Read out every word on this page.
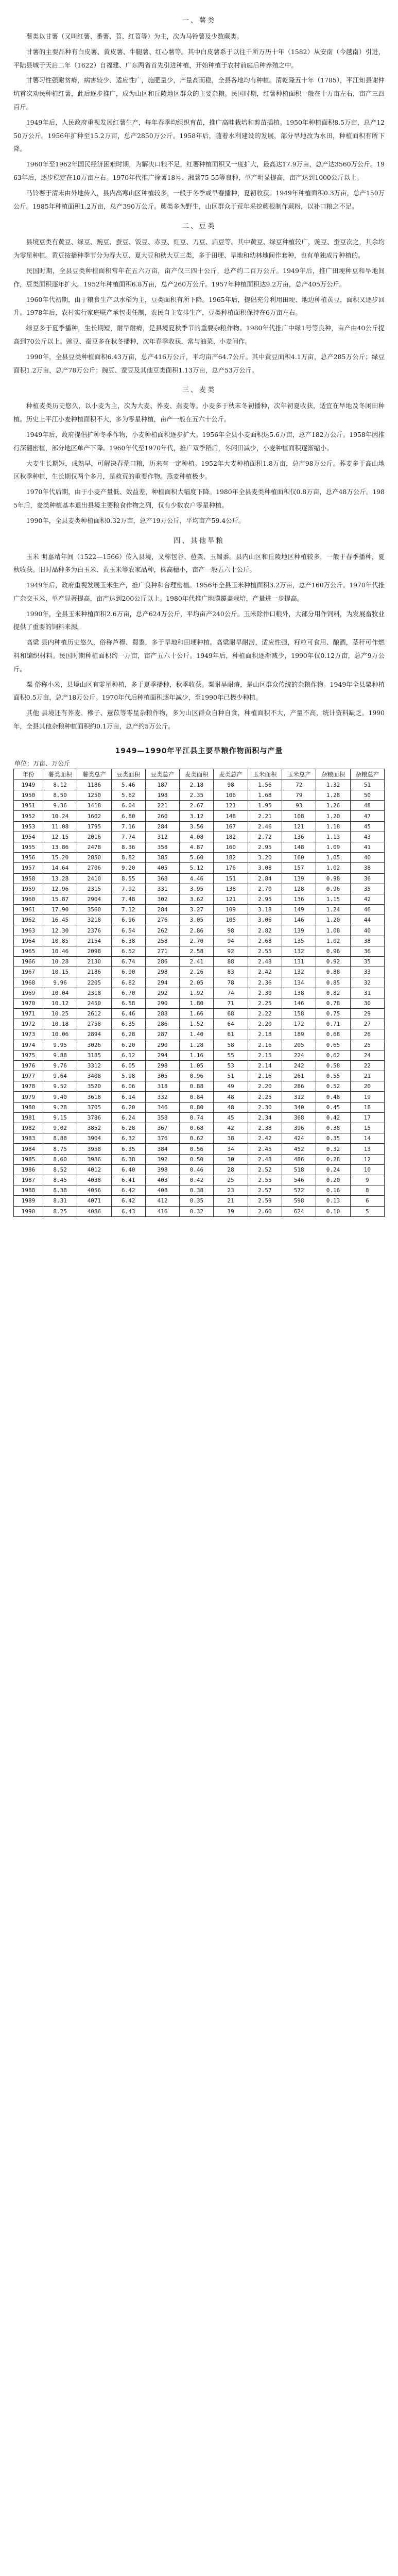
一、薯类

薯类以甘薯（又叫红薯、番薯、苕、红苕等）为主，次为马铃薯及少数蕨类。

甘薯的主要品种有白皮薯、黄皮薯、牛腿薯、红心薯等。其中白皮薯系于以往千所万历十年（1582）从安南（今越南）引进，平陆县城于天启二年（1622）自福建、广东两省首先引进种植，开始种植于农村前庭后种养殖之中。

甘薯习性强耐贫瘠，病害较少、适应性广，施肥量少，产量高而稳，全县各地均有种植。清乾隆五十年（1785），平江知县谢仲坑首次劝民种植红薯，此后逐步推广，成为山区和丘陵地区群众的主要杂粮。民国时期，红薯种植面积一般在十万亩左右，亩产三四百斤。

1949年后，人民政府重视发展红薯生产，每年春季均组织育苗，推广高畦栽培和剪苗插植。1950年种植面积8.5万亩，总产1250万公斤。1956年扩种至15.2万亩，总产2850万公斤。1958年后，随着水利建设的发展，部分旱地改为水田，种植面积有所下降。

1960年至1962年国民经济困难时期，为解决口粮不足，红薯种植面积又一度扩大，最高达17.9万亩，总产达3560万公斤。1963年后，逐步稳定在10万亩左右。1970年代推广徐薯18号、湘薯75-55等良种，单产明显提高，亩产达到1000公斤以上。

马铃薯于清末由外地传入，县内高寒山区种植较多，一般于冬季或早春播种，夏初收获。1949年种植面积0.3万亩，总产150万公斤。1985年种植面积1.2万亩，总产390万公斤。蕨类多为野生，山区群众于荒年采挖蕨根制作蕨粉，以补口粮之不足。

二、豆类

县境豆类有黄豆、绿豆、豌豆、蚕豆、饭豆、赤豆、豇豆、刀豆、扁豆等。其中黄豆、绿豆种植较广，豌豆、蚕豆次之，其余均为零星种植。黄豆按播种季节分为春大豆、夏大豆和秋大豆三类，多于田埂、旱地和幼林地间作套种，也有单独成片种植的。

民国时期，全县豆类种植面积常年在五六万亩，亩产仅三四十公斤，总产约二百万公斤。1949年后，推广田埂种豆和旱地间作，豆类面积逐年扩大。1952年种植面积6.8万亩，总产260万公斤。1957年种植面积达9.2万亩，总产405万公斤。

1960年代初期，由于粮食生产以水稻为主，豆类面积有所下降。1965年后，提倡充分利用田埂、地边种植黄豆，面积又逐步回升。1978年后，农村实行家庭联产承包责任制，农民自主安排生产，豆类种植面积保持在6万亩左右。

绿豆多于夏季播种，生长期短，耐旱耐瘠，是县境夏秋季节的重要杂粮作物。1980年代推广中绿1号等良种，亩产由40公斤提高到70公斤以上。豌豆、蚕豆多在秋冬播种，次年春季收获，常与油菜、小麦间作。

1990年，全县豆类种植面积6.43万亩，总产416万公斤，平均亩产64.7公斤。其中黄豆面积4.1万亩，总产285万公斤；绿豆面积1.2万亩，总产78万公斤；豌豆、蚕豆及其他豆类面积1.13万亩，总产53万公斤。

三、麦类

种植麦类历史悠久，以小麦为主，次为大麦、荞麦、燕麦等。小麦多于秋末冬初播种，次年初夏收获，适宜在旱地及冬闲田种植。历史上平江小麦种植面积不大，多为零星种植，亩产一般在五六十公斤。

1949年后，政府提倡扩种冬季作物，小麦种植面积逐步扩大。1956年全县小麦面积达5.6万亩，总产182万公斤。1958年因推行深翻密植，部分地区单产下降。1960年代至1970年代，推广双季稻后，冬闲田减少，小麦种植面积逐渐缩小。

大麦生长期短，成熟早，可解决春荒口粮，历来有一定种植。1952年大麦种植面积1.8万亩，总产98万公斤。荞麦多于高山地区秋季种植，生长期仅两个多月，是救荒的重要作物。燕麦种植极少。

1970年代后期，由于小麦产量低、效益差，种植面积大幅度下降。1980年全县麦类种植面积仅0.8万亩，总产48万公斤。1985年后，麦类种植基本退出县境主要粮食作物之列，仅有少数农户零星种植。

1990年，全县麦类种植面积0.32万亩，总产19万公斤，平均亩产59.4公斤。

四、其他旱粮

玉米 明嘉靖年间（1522—1566）传入县境，又称包谷、苞粟、玉蜀黍。县内山区和丘陵地区种植较多，一般于春季播种，夏秋收获。旧时品种多为白玉米、黄玉米等农家品种，株高穗小，亩产一般五六十公斤。

1949年后，政府重视发展玉米生产，推广良种和合理密植。1956年全县玉米种植面积3.2万亩，总产160万公斤。1970年代推广杂交玉米，单产显著提高，亩产达到200公斤以上。1980年代推广地膜覆盖栽培，产量进一步提高。

1990年，全县玉米种植面积2.6万亩，总产624万公斤，平均亩产240公斤。玉米除作口粮外，大部分用作饲料，为发展畜牧业提供了重要的饲料来源。

高粱 县内种植历史悠久，俗称芦穄、蜀黍，多于旱地和田埂种植。高粱耐旱耐涝，适应性强，籽粒可食用、酿酒，茎秆可作燃料和编织材料。民国时期种植面积约一万亩，亩产五六十公斤。1949年后，种植面积逐渐减少，1990年仅0.12万亩，总产9万公斤。

粟 俗称小米，县境山区有零星种植，多于夏季播种，秋季收获。粟耐旱耐瘠，是山区群众传统的杂粮作物。1949年全县粟种植面积0.5万亩，总产18万公斤。1970年代后种植面积逐年减少，至1990年已极少种植。

其他 县境还有荞麦、穇子、薏苡等零星杂粮作物，多为山区群众自种自食，种植面积不大，产量不高，统计资料缺乏。1990年，全县其他杂粮种植面积约0.1万亩，总产约5万公斤。

1949—1990年平江县主要旱粮作物面积与产量
单位：万亩、万公斤
年份	薯类面积	薯类总产	豆类面积	豆类总产	麦类面积	麦类总产	玉米面积	玉米总产	杂粮面积	杂粮总产
1949	8.12	1186	5.46	187	2.18	98	1.56	72	1.32	51
1950	8.50	1250	5.62	198	2.35	106	1.68	79	1.28	50
1951	9.36	1418	6.04	221	2.67	121	1.95	93	1.26	48
1952	10.24	1602	6.80	260	3.12	148	2.21	108	1.20	47
1953	11.08	1795	7.16	284	3.56	167	2.46	121	1.18	45
1954	12.15	2016	7.74	312	4.08	182	2.72	136	1.13	43
1955	13.86	2478	8.36	358	4.87	160	2.95	148	1.09	41
1956	15.20	2850	8.82	385	5.60	182	3.20	160	1.05	40
1957	14.64	2706	9.20	405	5.12	176	3.08	157	1.02	38
1958	13.28	2410	8.55	368	4.46	151	2.84	139	0.98	36
1959	12.96	2315	7.92	331	3.95	138	2.70	128	0.96	35
1960	15.87	2904	7.48	302	3.62	121	2.95	136	1.15	42
1961	17.90	3560	7.12	284	3.27	109	3.18	149	1.24	46
1962	16.45	3218	6.96	276	3.05	105	3.06	146	1.20	44
1963	12.30	2376	6.54	262	2.86	98	2.82	139	1.08	40
1964	10.85	2154	6.38	258	2.70	94	2.68	135	1.02	38
1965	10.46	2098	6.52	271	2.58	92	2.55	132	0.96	36
1966	10.28	2130	6.74	286	2.41	88	2.48	131	0.92	35
1967	10.15	2186	6.90	298	2.26	83	2.42	132	0.88	33
1968	9.96	2205	6.82	294	2.05	78	2.36	134	0.85	32
1969	10.04	2318	6.70	292	1.92	74	2.30	138	0.82	31
1970	10.12	2450	6.58	290	1.80	71	2.25	146	0.78	30
1971	10.25	2612	6.46	288	1.66	68	2.22	158	0.75	29
1972	10.18	2758	6.35	286	1.52	64	2.20	172	0.71	27
1973	10.06	2894	6.28	287	1.40	61	2.18	189	0.68	26
1974	9.95	3026	6.20	290	1.28	58	2.16	205	0.65	25
1975	9.88	3185	6.12	294	1.16	55	2.15	224	0.62	24
1976	9.76	3312	6.05	298	1.05	53	2.14	242	0.58	22
1977	9.64	3408	5.98	305	0.96	51	2.16	261	0.55	21
1978	9.52	3520	6.06	318	0.88	49	2.20	286	0.52	20
1979	9.40	3618	6.14	332	0.84	48	2.25	312	0.48	19
1980	9.28	3705	6.20	346	0.80	48	2.30	340	0.45	18
1981	9.15	3786	6.24	358	0.74	45	2.34	368	0.42	17
1982	9.02	3852	6.28	367	0.68	42	2.38	396	0.38	15
1983	8.88	3904	6.32	376	0.62	38	2.42	424	0.35	14
1984	8.75	3958	6.35	384	0.56	34	2.45	452	0.32	13
1985	8.60	3986	6.38	392	0.50	30	2.48	486	0.28	12
1986	8.52	4012	6.40	398	0.46	28	2.52	518	0.24	10
1987	8.45	4038	6.41	403	0.42	25	2.55	546	0.20	9
1988	8.38	4056	6.42	408	0.38	23	2.57	572	0.16	8
1989	8.31	4071	6.42	412	0.35	21	2.59	598	0.13	6
1990	8.25	4086	6.43	416	0.32	19	2.60	624	0.10	5
